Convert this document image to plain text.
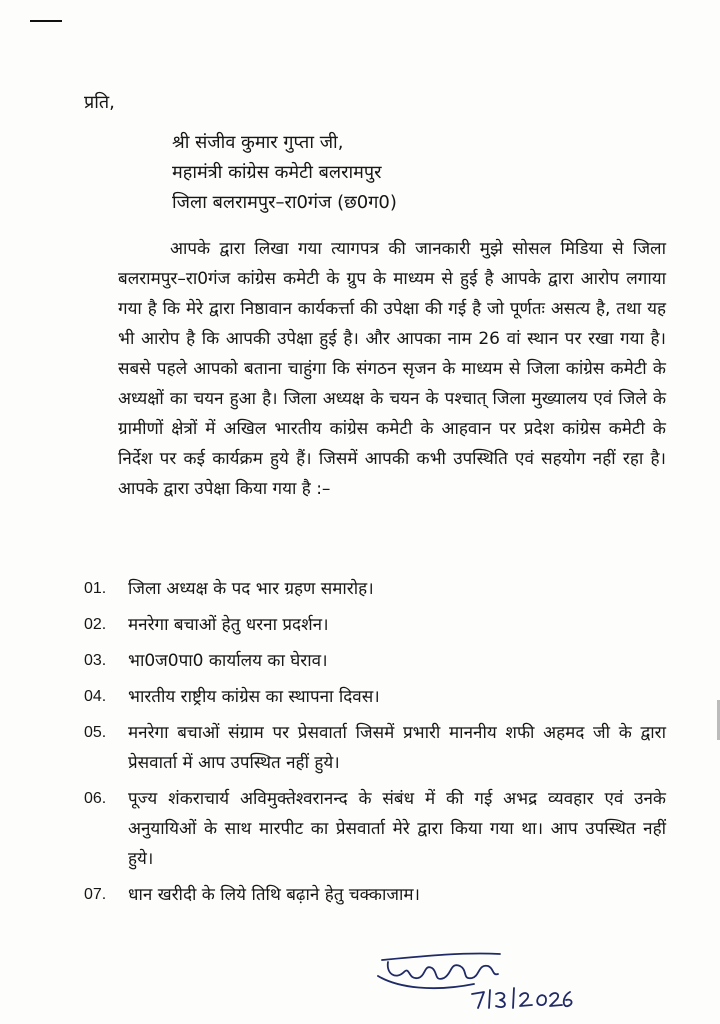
प्रति,
श्री संजीव कुमार गुप्ता जी,
महामंत्री कांग्रेस कमेटी बलरामपुर
जिला बलरामपुर–रा0गंज (छ0ग0)
आपके द्वारा लिखा गया त्यागपत्र की जानकारी मुझे सोसल मिडिया से जिला बलरामपुर–रा0गंज कांग्रेस कमेटी के ग्रुप के माध्यम से हुई है आपके द्वारा आरोप लगाया गया है कि मेरे द्वारा निष्ठावान कार्यकर्त्ता की उपेक्षा की गई है जो पूर्णतः असत्य है, तथा यह भी आरोप है कि आपकी उपेक्षा हुई है। और आपका नाम 26 वां स्थान पर रखा गया है। सबसे पहले आपको बताना चाहुंगा कि संगठन सृजन के माध्यम से जिला कांग्रेस कमेटी के अध्यक्षों का चयन हुआ है। जिला अध्यक्ष के चयन के पश्चात् जिला मुख्यालय एवं जिले के ग्रामीणों क्षेत्रों में अखिल भारतीय कांग्रेस कमेटी के आहवान पर प्रदेश कांग्रेस कमेटी के निर्देश पर कई कार्यक्रम हुये हैं। जिसमें आपकी कभी उपस्थिति एवं सहयोग नहीं रहा है। आपके द्वारा उपेक्षा किया गया है :–
01.	जिला अध्यक्ष के पद भार ग्रहण समारोह।
02.	मनरेगा बचाओं हेतु धरना प्रदर्शन।
03.	भा0ज0पा0 कार्यालय का घेराव।
04.	भारतीय राष्ट्रीय कांग्रेस का स्थापना दिवस।
05.	मनरेगा बचाओं संग्राम पर प्रेसवार्ता जिसमें प्रभारी माननीय शफी अहमद जी के द्वारा प्रेसवार्ता में आप उपस्थित नहीं हुये।
06.	पूज्य शंकराचार्य अविमुक्तेश्वरानन्द के संबंध में की गई अभद्र व्यवहार एवं उनके अनुयायिओं के साथ मारपीट का प्रेसवार्ता मेरे द्वारा किया गया था। आप उपस्थित नहीं हुये।
07.	धान खरीदी के लिये तिथि बढ़ाने हेतु चक्काजाम।
